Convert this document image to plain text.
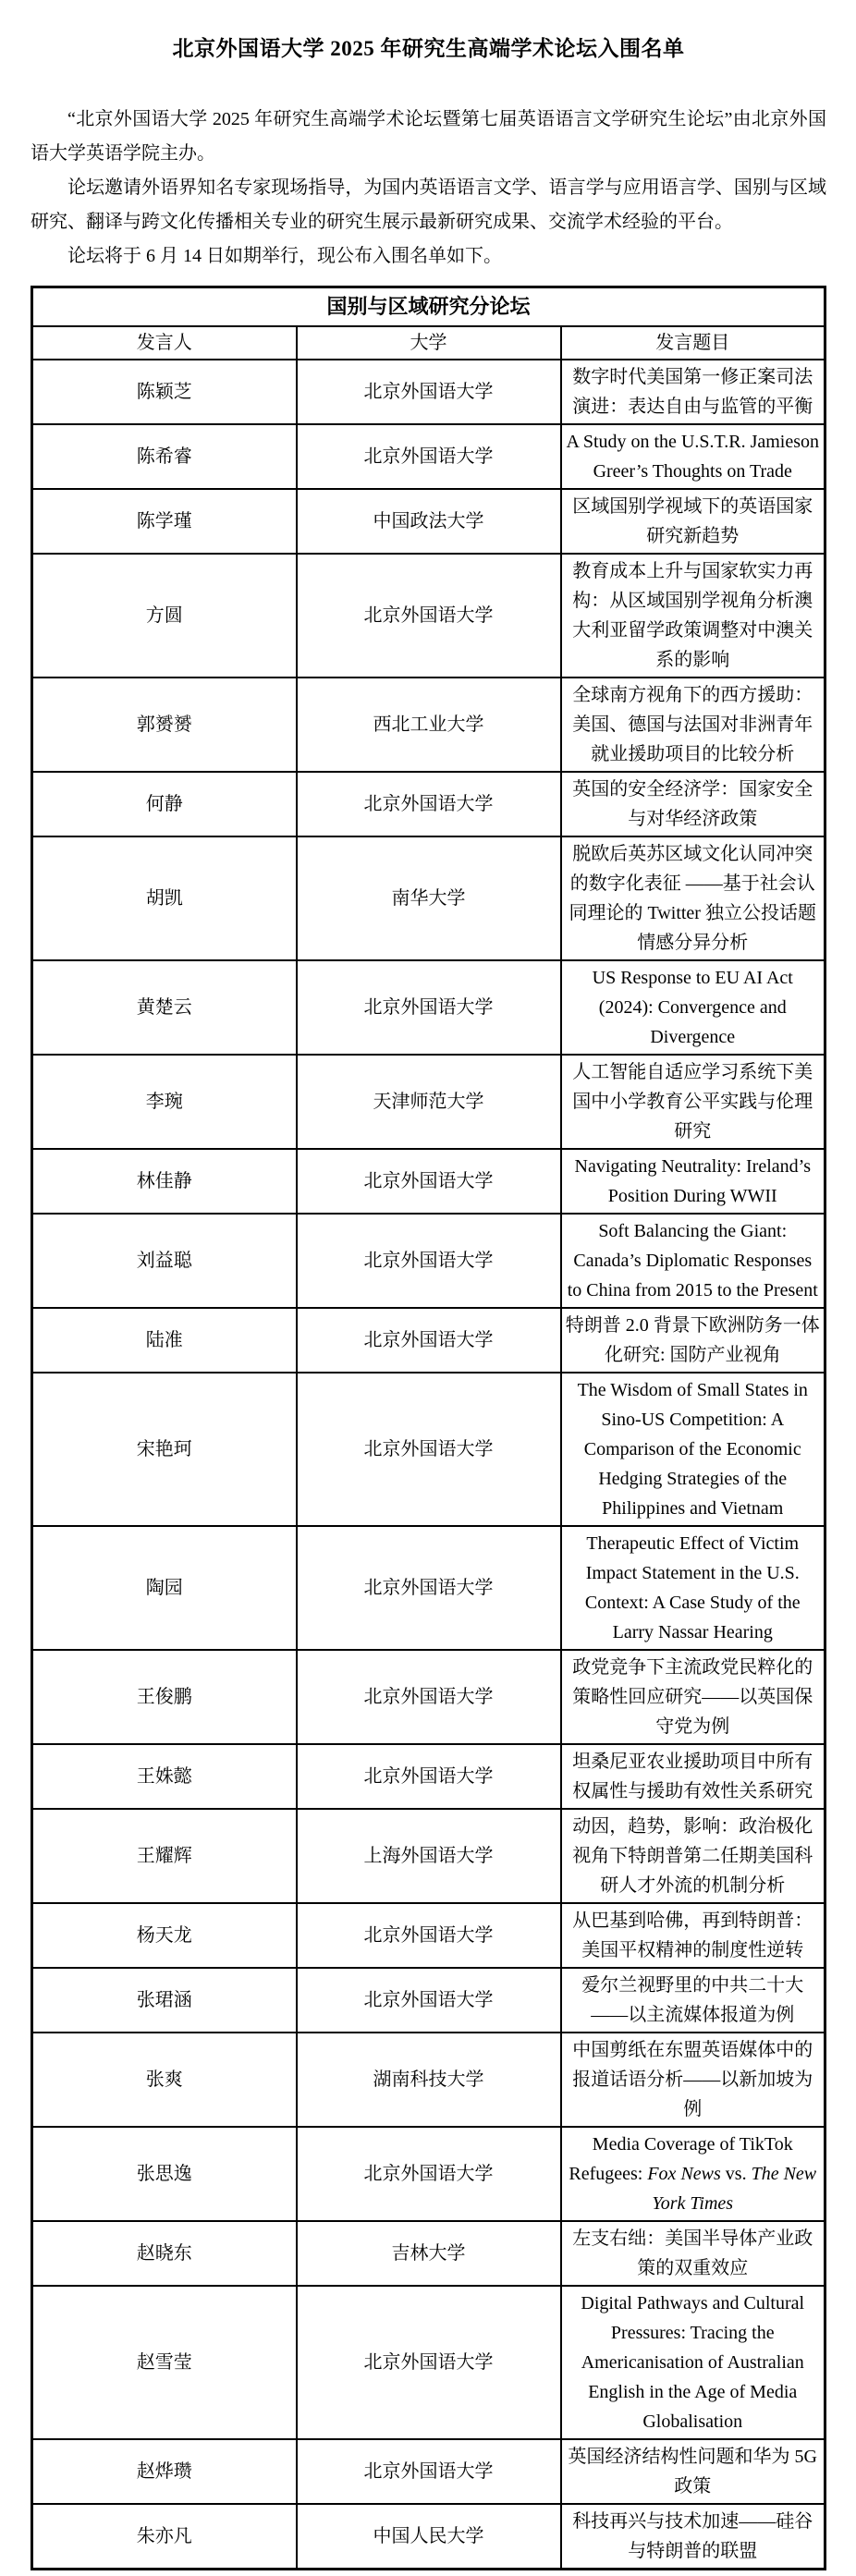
北京外国语大学 2025 年研究生高端学术论坛入围名单

“北京外国语大学 2025 年研究生高端学术论坛暨第七届英语语言文学研究生论坛”由北京外国语大学英语学院主办。

论坛邀请外语界知名专家现场指导，为国内英语语言文学、语言学与应用语言学、国别与区域研究、翻译与跨文化传播相关专业的研究生展示最新研究成果、交流学术经验的平台。

论坛将于 6 月 14 日如期举行，现公布入围名单如下。

国别与区域研究分论坛		
发言人	大学	发言题目
陈颖芝	北京外国语大学	数字时代美国第一修正案司法演进：表达自由与监管的平衡
陈希睿	北京外国语大学	A Study on the U.S.T.R. Jamieson Greer’s Thoughts on Trade
陈学瑾	中国政法大学	区域国别学视域下的英语国家研究新趋势
方圆	北京外国语大学	教育成本上升与国家软实力再构：从区域国别学视角分析澳大利亚留学政策调整对中澳关系的影响
郭赟赟	西北工业大学	全球南方视角下的西方援助：美国、德国与法国对非洲青年就业援助项目的比较分析
何静	北京外国语大学	英国的安全经济学：国家安全与对华经济政策
胡凯	南华大学	脱欧后英苏区域文化认同冲突的数字化表征 ——基于社会认同理论的 Twitter 独立公投话题情感分异分析
黄楚云	北京外国语大学	US Response to EU AI Act (2024): Convergence and Divergence
李琬	天津师范大学	人工智能自适应学习系统下美国中小学教育公平实践与伦理研究
林佳静	北京外国语大学	Navigating Neutrality: Ireland’s Position During WWII
刘益聪	北京外国语大学	Soft Balancing the Giant: Canada’s Diplomatic Responses to China from 2015 to the Present
陆准	北京外国语大学	特朗普 2.0 背景下欧洲防务一体化研究: 国防产业视角
宋艳珂	北京外国语大学	The Wisdom of Small States in Sino-US Competition: A Comparison of the Economic Hedging Strategies of the Philippines and Vietnam
陶园	北京外国语大学	Therapeutic Effect of Victim Impact Statement in the U.S. Context: A Case Study of the Larry Nassar Hearing
王俊鹏	北京外国语大学	政党竞争下主流政党民粹化的策略性回应研究——以英国保守党为例
王姝懿	北京外国语大学	坦桑尼亚农业援助项目中所有权属性与援助有效性关系研究
王耀辉	上海外国语大学	动因，趋势，影响：政治极化视角下特朗普第二任期美国科研人才外流的机制分析
杨天龙	北京外国语大学	从巴基到哈佛，再到特朗普：美国平权精神的制度性逆转
张珺涵	北京外国语大学	爱尔兰视野里的中共二十大——以主流媒体报道为例
张爽	湖南科技大学	中国剪纸在东盟英语媒体中的报道话语分析——以新加坡为例
张思逸	北京外国语大学	Media Coverage of TikTok Refugees: Fox News vs. The New York Times
赵晓东	吉林大学	左支右绌：美国半导体产业政策的双重效应
赵雪莹	北京外国语大学	Digital Pathways and Cultural Pressures: Tracing the Americanisation of Australian English in the Age of Media Globalisation
赵烨瓒	北京外国语大学	英国经济结构性问题和华为 5G 政策
朱亦凡	中国人民大学	科技再兴与技术加速——硅谷与特朗普的联盟
